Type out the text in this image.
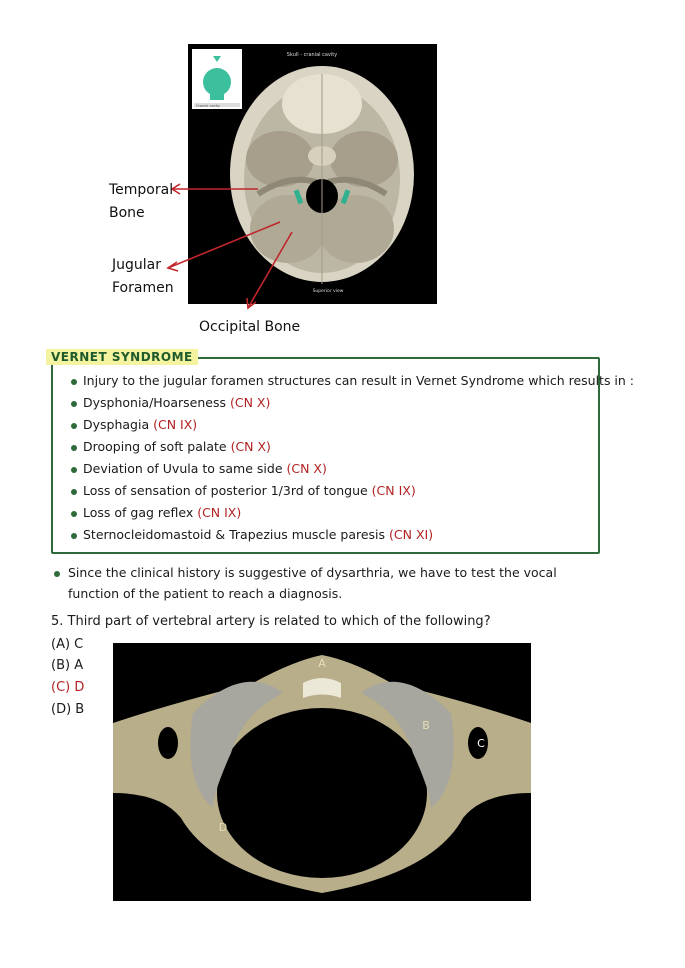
Cranial cavity
Skull - cranial cavity
Superior view
Temporal
Bone
Jugular
Foramen
Occipital Bone
Injury to the jugular foramen structures can result in Vernet Syndrome which results in :
Dysphonia/Hoarseness (CN X)
Dysphagia (CN IX)
Drooping of soft palate (CN X)
Deviation of Uvula to same side (CN X)
Loss of sensation of posterior 1/3rd of tongue (CN IX)
Loss of gag reflex (CN IX)
Sternocleidomastoid & Trapezius muscle paresis (CN XI)
VERNET SYNDROME
Since the clinical history is suggestive of dysarthria, we have to test the vocal
function of the patient to reach a diagnosis.
5. Third part of vertebral artery is related to which of the following?
(A) C
(B) A
(C) D
(D) B
A
B
C
D
